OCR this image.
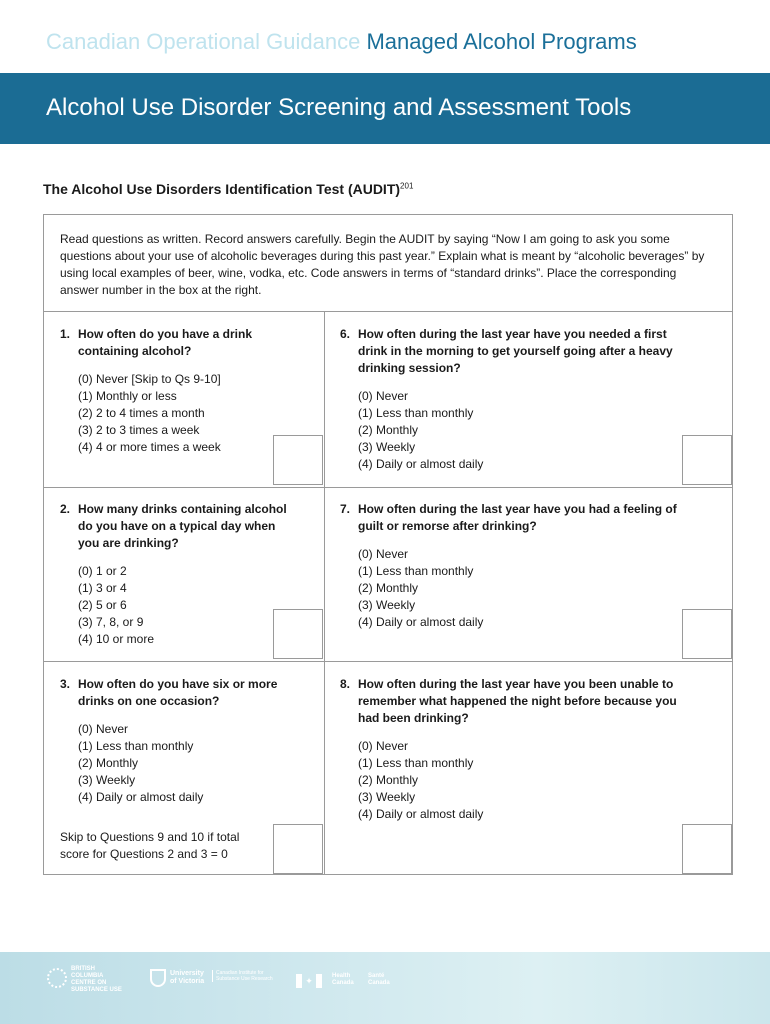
Canadian Operational Guidance Managed Alcohol Programs
Alcohol Use Disorder Screening and Assessment Tools
The Alcohol Use Disorders Identification Test (AUDIT)$^{201}$
Read questions as written. Record answers carefully. Begin the AUDIT by saying “Now I am going to ask you some questions about your use of alcoholic beverages during this past year.” Explain what is meant by “alcoholic beverages” by using local examples of beer, wine, vodka, etc. Code answers in terms of “standard drinks”. Place the corresponding answer number in the box at the right.
1. How often do you have a drink containing alcohol?
(0) Never [Skip to Qs 9-10]
(1) Monthly or less
(2) 2 to 4 times a month
(3) 2 to 3 times a week
(4) 4 or more times a week
6. How often during the last year have you needed a first drink in the morning to get yourself going after a heavy drinking session?
(0) Never
(1) Less than monthly
(2) Monthly
(3) Weekly
(4) Daily or almost daily
2. How many drinks containing alcohol do you have on a typical day when you are drinking?
(0) 1 or 2
(1) 3 or 4
(2) 5 or 6
(3) 7, 8, or 9
(4) 10 or more
7. How often during the last year have you had a feeling of guilt or remorse after drinking?
(0) Never
(1) Less than monthly
(2) Monthly
(3) Weekly
(4) Daily or almost daily
3. How often do you have six or more drinks on one occasion?
(0) Never
(1) Less than monthly
(2) Monthly
(3) Weekly
(4) Daily or almost daily
Skip to Questions 9 and 10 if total score for Questions 2 and 3 = 0
8. How often during the last year have you been unable to remember what happened the night before because you had been drinking?
(0) Never
(1) Less than monthly
(2) Monthly
(3) Weekly
(4) Daily or almost daily
BRITISH COLUMBIA CENTRE ON SUBSTANCE USE
University of Victoria
Canadian Institute for Substance Use Research	✦	Health Canada
Santé Canada
